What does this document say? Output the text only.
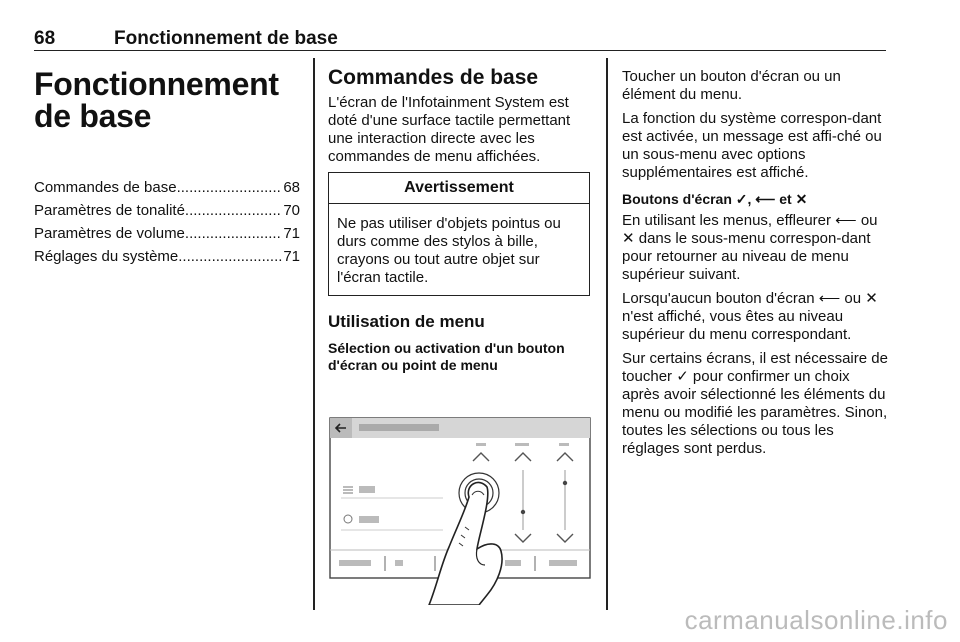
68	Fonctionnement de base
Fonctionnement de base
Commandes de base .....	68
Paramètres de tonalité .....	70
Paramètres de volume .....	71
Réglages du système .....	71
Commandes de base

L'écran de l'Infotainment System est doté d'une surface tactile permettant une interaction directe avec les commandes de menu affichées.

Avertissement
Ne pas utiliser d'objets pointus ou durs comme des stylos à bille, crayons ou tout autre objet sur l'écran tactile.
Utilisation de menu
Sélection ou activation d'un bouton d'écran ou point de menu

Toucher un bouton d'écran ou un élément du menu.

La fonction du système correspon-dant est activée, un message est affi-ché ou un sous-menu avec options supplémentaires est affiché.

Boutons d'écran ✓, ⟵ et ✕

En utilisant les menus, effleurer ⟵ ou ✕ dans le sous-menu correspon-dant pour retourner au niveau de menu supérieur suivant.

Lorsqu'aucun bouton d'écran ⟵ ou ✕ n'est affiché, vous êtes au niveau supérieur du menu correspondant.

Sur certains écrans, il est nécessaire de toucher ✓ pour confirmer un choix après avoir sélectionné les éléments du menu ou modifié les paramètres. Sinon, toutes les sélections ou tous les réglages sont perdus.

carmanualsonline.info
